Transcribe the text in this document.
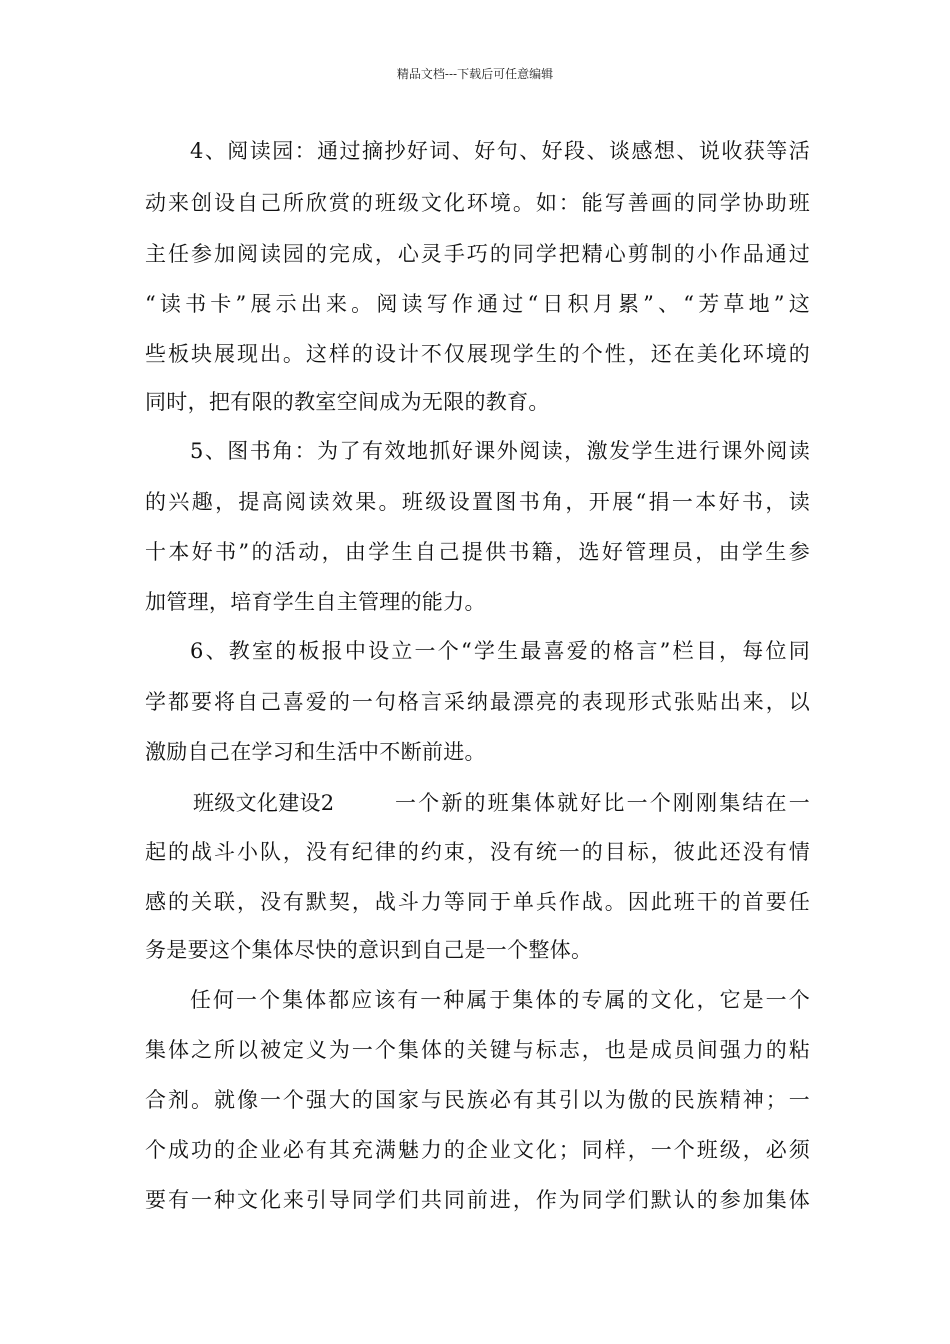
精品文档---下载后可任意编辑
4、阅读园：通过摘抄好词、好句、好段、谈感想、说收获等活
动来创设自己所欣赏的班级文化环境。如：能写善画的同学协助班
主任参加阅读园的完成，心灵手巧的同学把精心剪制的小作品通过
“读书卡”展示出来。阅读写作通过“日积月累”、“芳草地”这
些板块展现出。这样的设计不仅展现学生的个性，还在美化环境的
同时，把有限的教室空间成为无限的教育。
5、图书角：为了有效地抓好课外阅读，激发学生进行课外阅读
的兴趣，提高阅读效果。班级设置图书角，开展“捐一本好书，读
十本好书”的活动，由学生自己提供书籍，选好管理员，由学生参
加管理，培育学生自主管理的能力。
6、教室的板报中设立一个“学生最喜爱的格言”栏目，每位同
学都要将自己喜爱的一句格言采纳最漂亮的表现形式张贴出来，以
激励自己在学习和生活中不断前进。
班级文化建设2	一个新的班集体就好比一个刚刚集结在一
起的战斗小队，没有纪律的约束，没有统一的目标，彼此还没有情
感的关联，没有默契，战斗力等同于单兵作战。因此班干的首要任
务是要这个集体尽快的意识到自己是一个整体。
任何一个集体都应该有一种属于集体的专属的文化，它是一个
集体之所以被定义为一个集体的关键与标志，也是成员间强力的粘
合剂。就像一个强大的国家与民族必有其引以为傲的民族精神；一
个成功的企业必有其充满魅力的企业文化；同样，一个班级，必须
要有一种文化来引导同学们共同前进，作为同学们默认的参加集体
